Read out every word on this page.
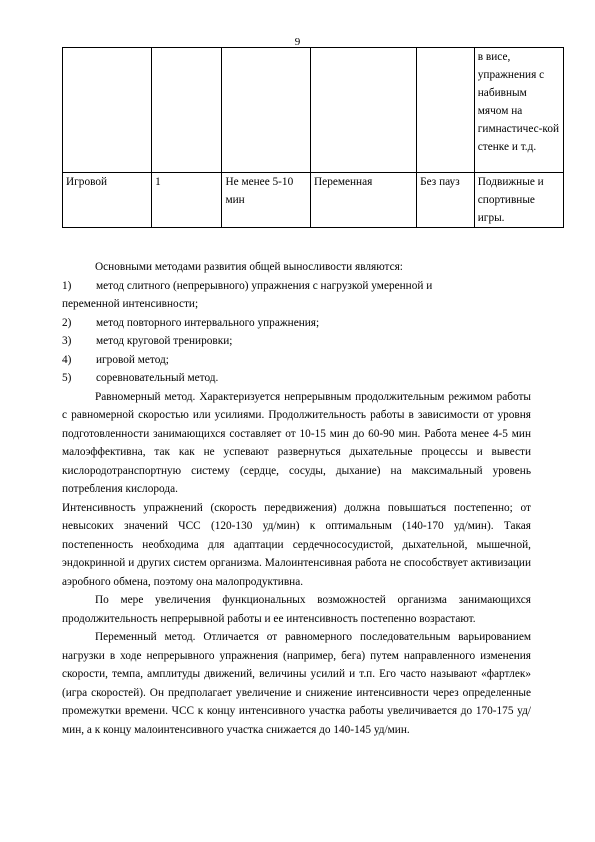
9
					в висе, упражнения с набивным мячом на гимнастичес-кой стенке и т.д.
Игровой	1	Не менее 5-10 мин	Переменная	Без пауз	Подвижные и спортивные игры.

Основными методами развития общей выносливости являются:

1)	метод слитного (непрерывного) упражнения с нагрузкой умеренной и

переменной интенсивности;

2)	метод повторного интервального упражнения;
3)	метод круговой тренировки;
4)	игровой метод;
5)	соревновательный метод.

Равномерный метод. Характеризуется непрерывным продолжительным режимом работы с равномерной скоростью или усилиями. Продолжительность работы в зависимости от уровня подготовленности занимающихся составляет от 10-15 мин до 60-90 мин. Работа менее 4-5 мин малоэффективна, так как не успевают развернуться дыхательные процессы и вывести кислородотранспортную систему (сердце, сосуды, дыхание) на максимальный уровень потребления кислорода.

Интенсивность упражнений (скорость передвижения) должна повышаться постепенно; от невысоких значений ЧСС (120-130 уд/мин) к оптимальным (140-170 уд/мин). Такая постепенность необходима для адаптации сердечнососудистой, дыхательной, мышечной, эндокринной и других систем организма. Малоинтенсивная работа не способствует активизации аэробного обмена, поэтому она малопродуктивна.

По мере увеличения функциональных возможностей организма занимающихся продолжительность непрерывной работы и ее интенсивность постепенно возрастают.

Переменный метод. Отличается от равномерного последовательным варьированием нагрузки в ходе непрерывного упражнения (например, бега) путем направленного изменения скорости, темпа, амплитуды движений, величины усилий и т.п. Его часто называют «фартлек» (игра скоростей). Он предполагает увеличение и снижение интенсивности через определенные промежутки времени. ЧСС к концу интенсивного участка работы увеличивается до 170-175 уд/мин, а к концу малоинтенсивного участка снижается до 140-145 уд/мин.
